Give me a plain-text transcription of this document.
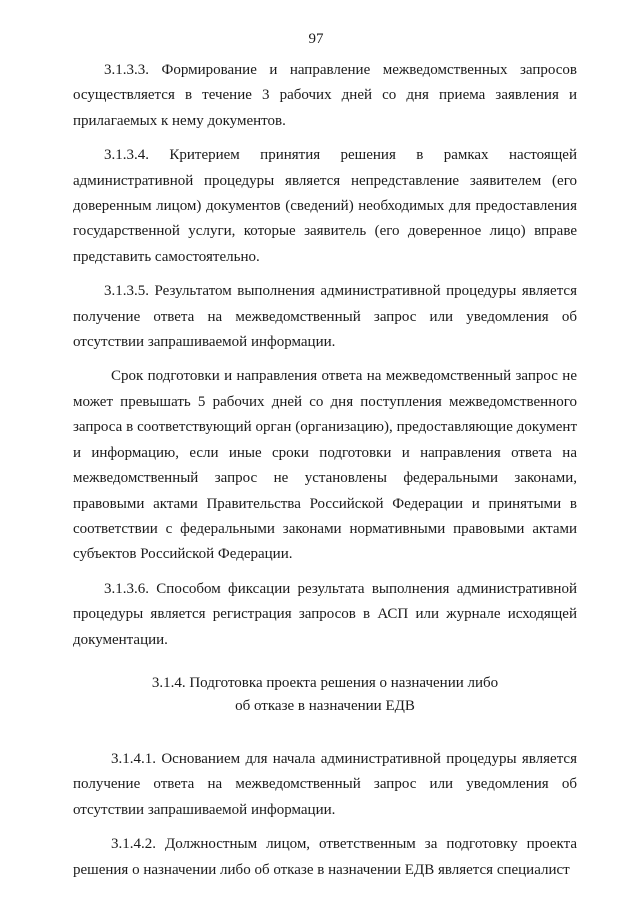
97

3.1.3.3. Формирование и направление межведомственных запросов осуществляется в течение 3 рабочих дней со дня приема заявления и прилагаемых к нему документов.

3.1.3.4. Критерием принятия решения в рамках настоящей административной процедуры является непредставление заявителем (его доверенным лицом) документов (сведений) необходимых для предоставления государственной услуги, которые заявитель (его доверенное лицо) вправе представить самостоятельно.

3.1.3.5. Результатом выполнения административной процедуры является получение ответа на межведомственный запрос или уведомления об отсутствии запрашиваемой информации.

Срок подготовки и направления ответа на межведомственный запрос не может превышать 5 рабочих дней со дня поступления межведомственного запроса в соответствующий орган (организацию), предоставляющие документ и информацию, если иные сроки подготовки и направления ответа на межведомственный запрос не установлены федеральными законами, правовыми актами Правительства Российской Федерации и принятыми в соответствии с федеральными законами нормативными правовыми актами субъектов Российской Федерации.

3.1.3.6. Способом фиксации результата выполнения административной процедуры является регистрация запросов в АСП или журнале исходящей документации.

3.1.4. Подготовка проекта решения о назначении либо
об отказе в назначении ЕДВ

3.1.4.1. Основанием для начала административной процедуры является получение ответа на межведомственный запрос или уведомления об отсутствии запрашиваемой информации.

3.1.4.2. Должностным лицом, ответственным за подготовку проекта решения о назначении либо об отказе в назначении ЕДВ является специалист
